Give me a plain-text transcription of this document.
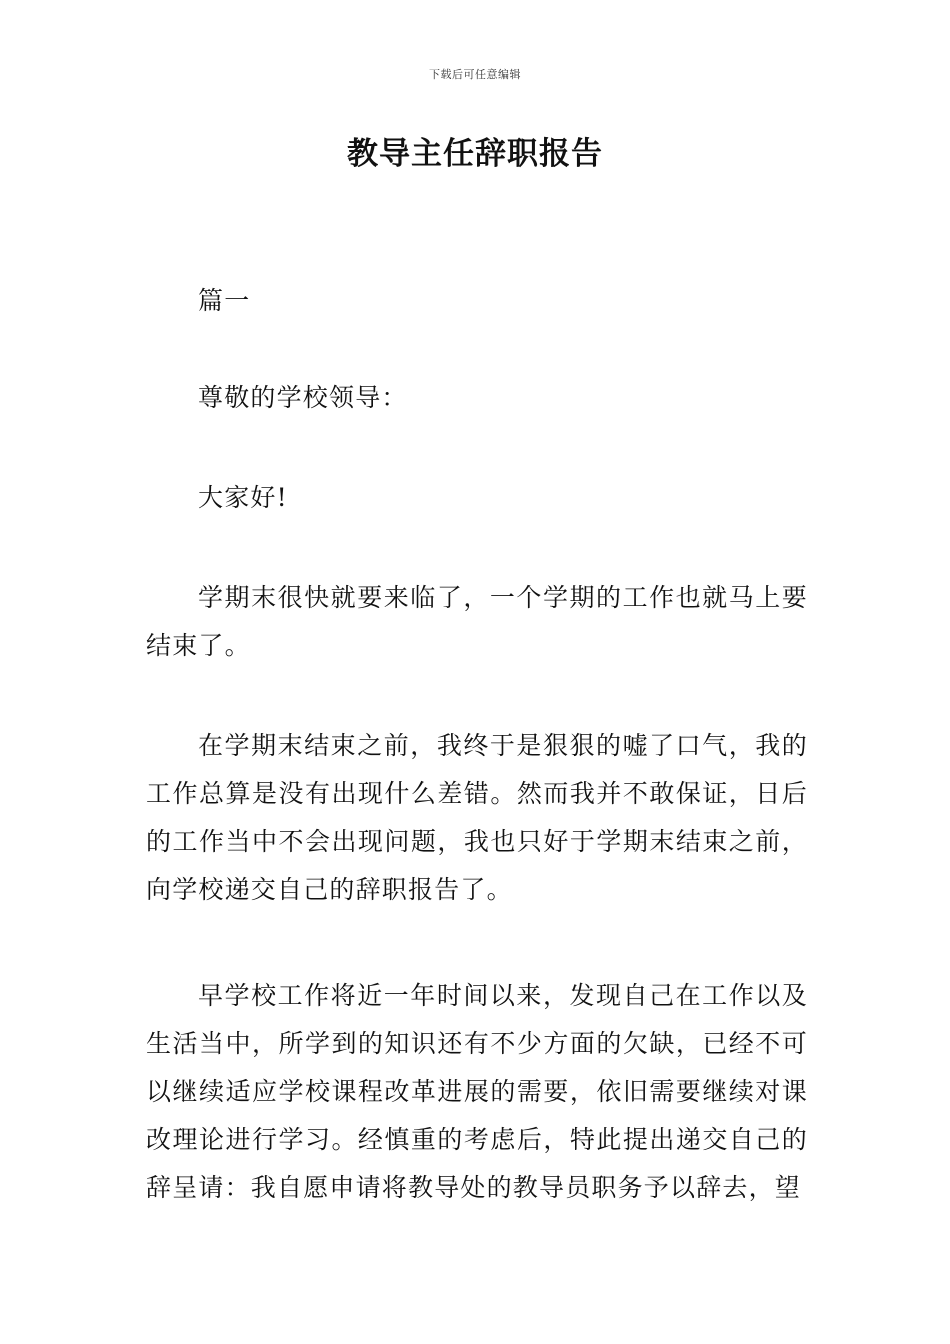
下载后可任意编辑
教导主任辞职报告

篇一

尊敬的学校领导：

大家好!

学期末很快就要来临了，一个学期的工作也就马上要结束了。

在学期末结束之前，我终于是狠狠的嘘了口气，我的工作总算是没有出现什么差错。然而我并不敢保证，日后的工作当中不会出现问题，我也只好于学期末结束之前，向学校递交自己的辞职报告了。

早学校工作将近一年时间以来，发现自己在工作以及生活当中，所学到的知识还有不少方面的欠缺，已经不可以继续适应学校课程改革进展的需要，依旧需要继续对课改理论进行学习。经慎重的考虑后，特此提出递交自己的辞呈请：我自愿申请将教导处的教导员职务予以辞去，望
